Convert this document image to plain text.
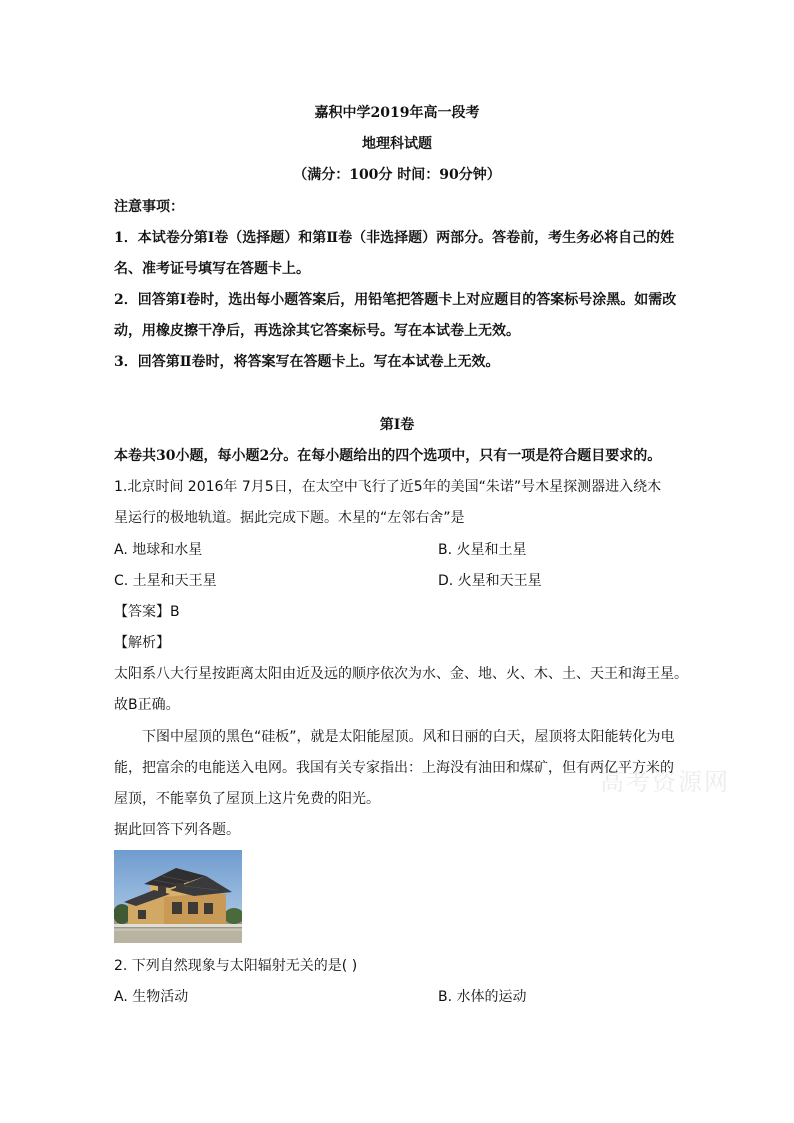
嘉积中学2019年高一段考
地理科试题
（满分：100分 时间：90分钟）
注意事项：
1．本试卷分第Ⅰ卷（选择题）和第Ⅱ卷（非选择题）两部分。答卷前，考生务必将自己的姓
名、准考证号填写在答题卡上。
2．回答第Ⅰ卷时，选出每小题答案后，用铅笔把答题卡上对应题目的答案标号涂黑。如需改
动，用橡皮擦干净后，再选涂其它答案标号。写在本试卷上无效。
3．回答第Ⅱ卷时，将答案写在答题卡上。写在本试卷上无效。
第Ⅰ卷
本卷共30小题，每小题2分。在每小题给出的四个选项中，只有一项是符合题目要求的。
1.北京时间 2016年 7月5日，在太空中飞行了近5年的美国“朱诺”号木星探测器进入绕木
星运行的极地轨道。据此完成下题。木星的“左邻右舍”是
A. 地球和水星	B. 火星和土星
C. 土星和天王星	D. 火星和天王星
【答案】B
【解析】
太阳系八大行星按距离太阳由近及远的顺序依次为水、金、地、火、木、土、天王和海王星。
故B正确。
高考资源网
下图中屋顶的黑色“硅板”，就是太阳能屋顶。风和日丽的白天，屋顶将太阳能转化为电
能，把富余的电能送入电网。我国有关专家指出：上海没有油田和煤矿，但有两亿平方米的
屋顶，不能辜负了屋顶上这片免费的阳光。
据此回答下列各题。
2. 下列自然现象与太阳辐射无关的是( )
A. 生物活动	B. 水体的运动
